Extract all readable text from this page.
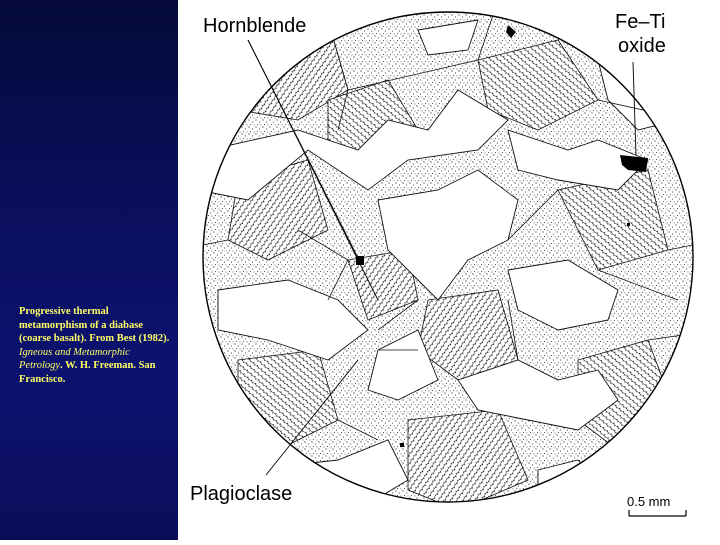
Progressive thermal
metamorphism of a diabase
(coarse basalt). From Best (1982).
Igneous and Metamorphic
Petrology. W. H. Freeman. San
Francisco.
Hornblende	Fe–Ti
oxide
Plagioclase	0.5 mm
